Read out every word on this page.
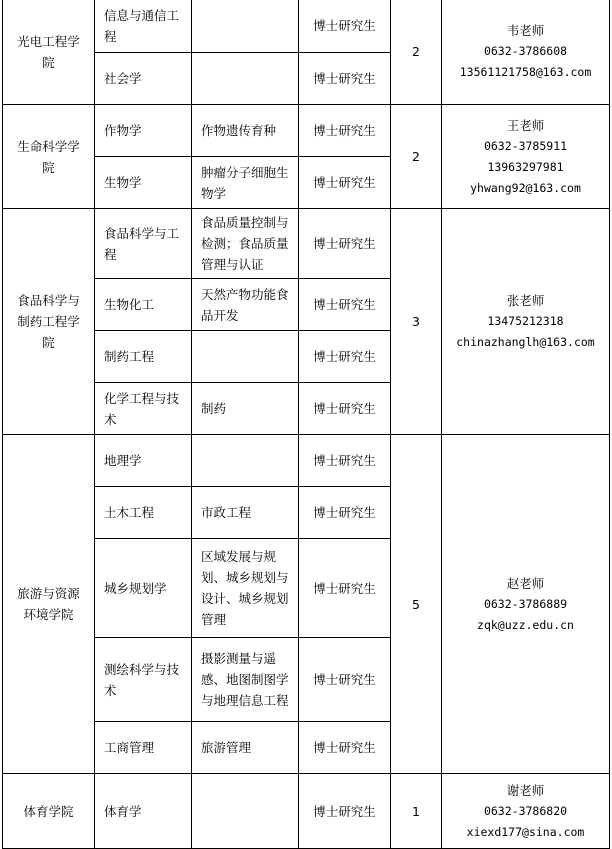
光电工程学院	信息与通信工程		博士研究生	2	韦老师
0632-3786608
13561121758@163.com

	社会学		博士研究生		
生命科学学院	作物学	作物遗传育种	博士研究生	2	王老师
0632-3785911
13963297981
yhwang92@163.com

	生物学	肿瘤分子细胞生物学	博士研究生		
食品科学与制药工程学院	食品科学与工程	食品质量控制与检测；食品质量管理与认证	博士研究生	3	张老师
13475212318
chinazhanglh@163.com

	生物化工	天然产物功能食品开发	博士研究生		
	制药工程		博士研究生		
	化学工程与技术	制药	博士研究生		
旅游与资源环境学院	地理学		博士研究生	5	赵老师
0632-3786889
zqk@uzz.edu.cn

	土木工程	市政工程	博士研究生		
	城乡规划学	区域发展与规划、城乡规划与设计、城乡规划管理	博士研究生		
	测绘科学与技术	摄影测量与遥感、地图制图学与地理信息工程	博士研究生		
	工商管理	旅游管理	博士研究生		
体育学院	体育学		博士研究生	1	谢老师
0632-3786820
xiexd177@sina.com
